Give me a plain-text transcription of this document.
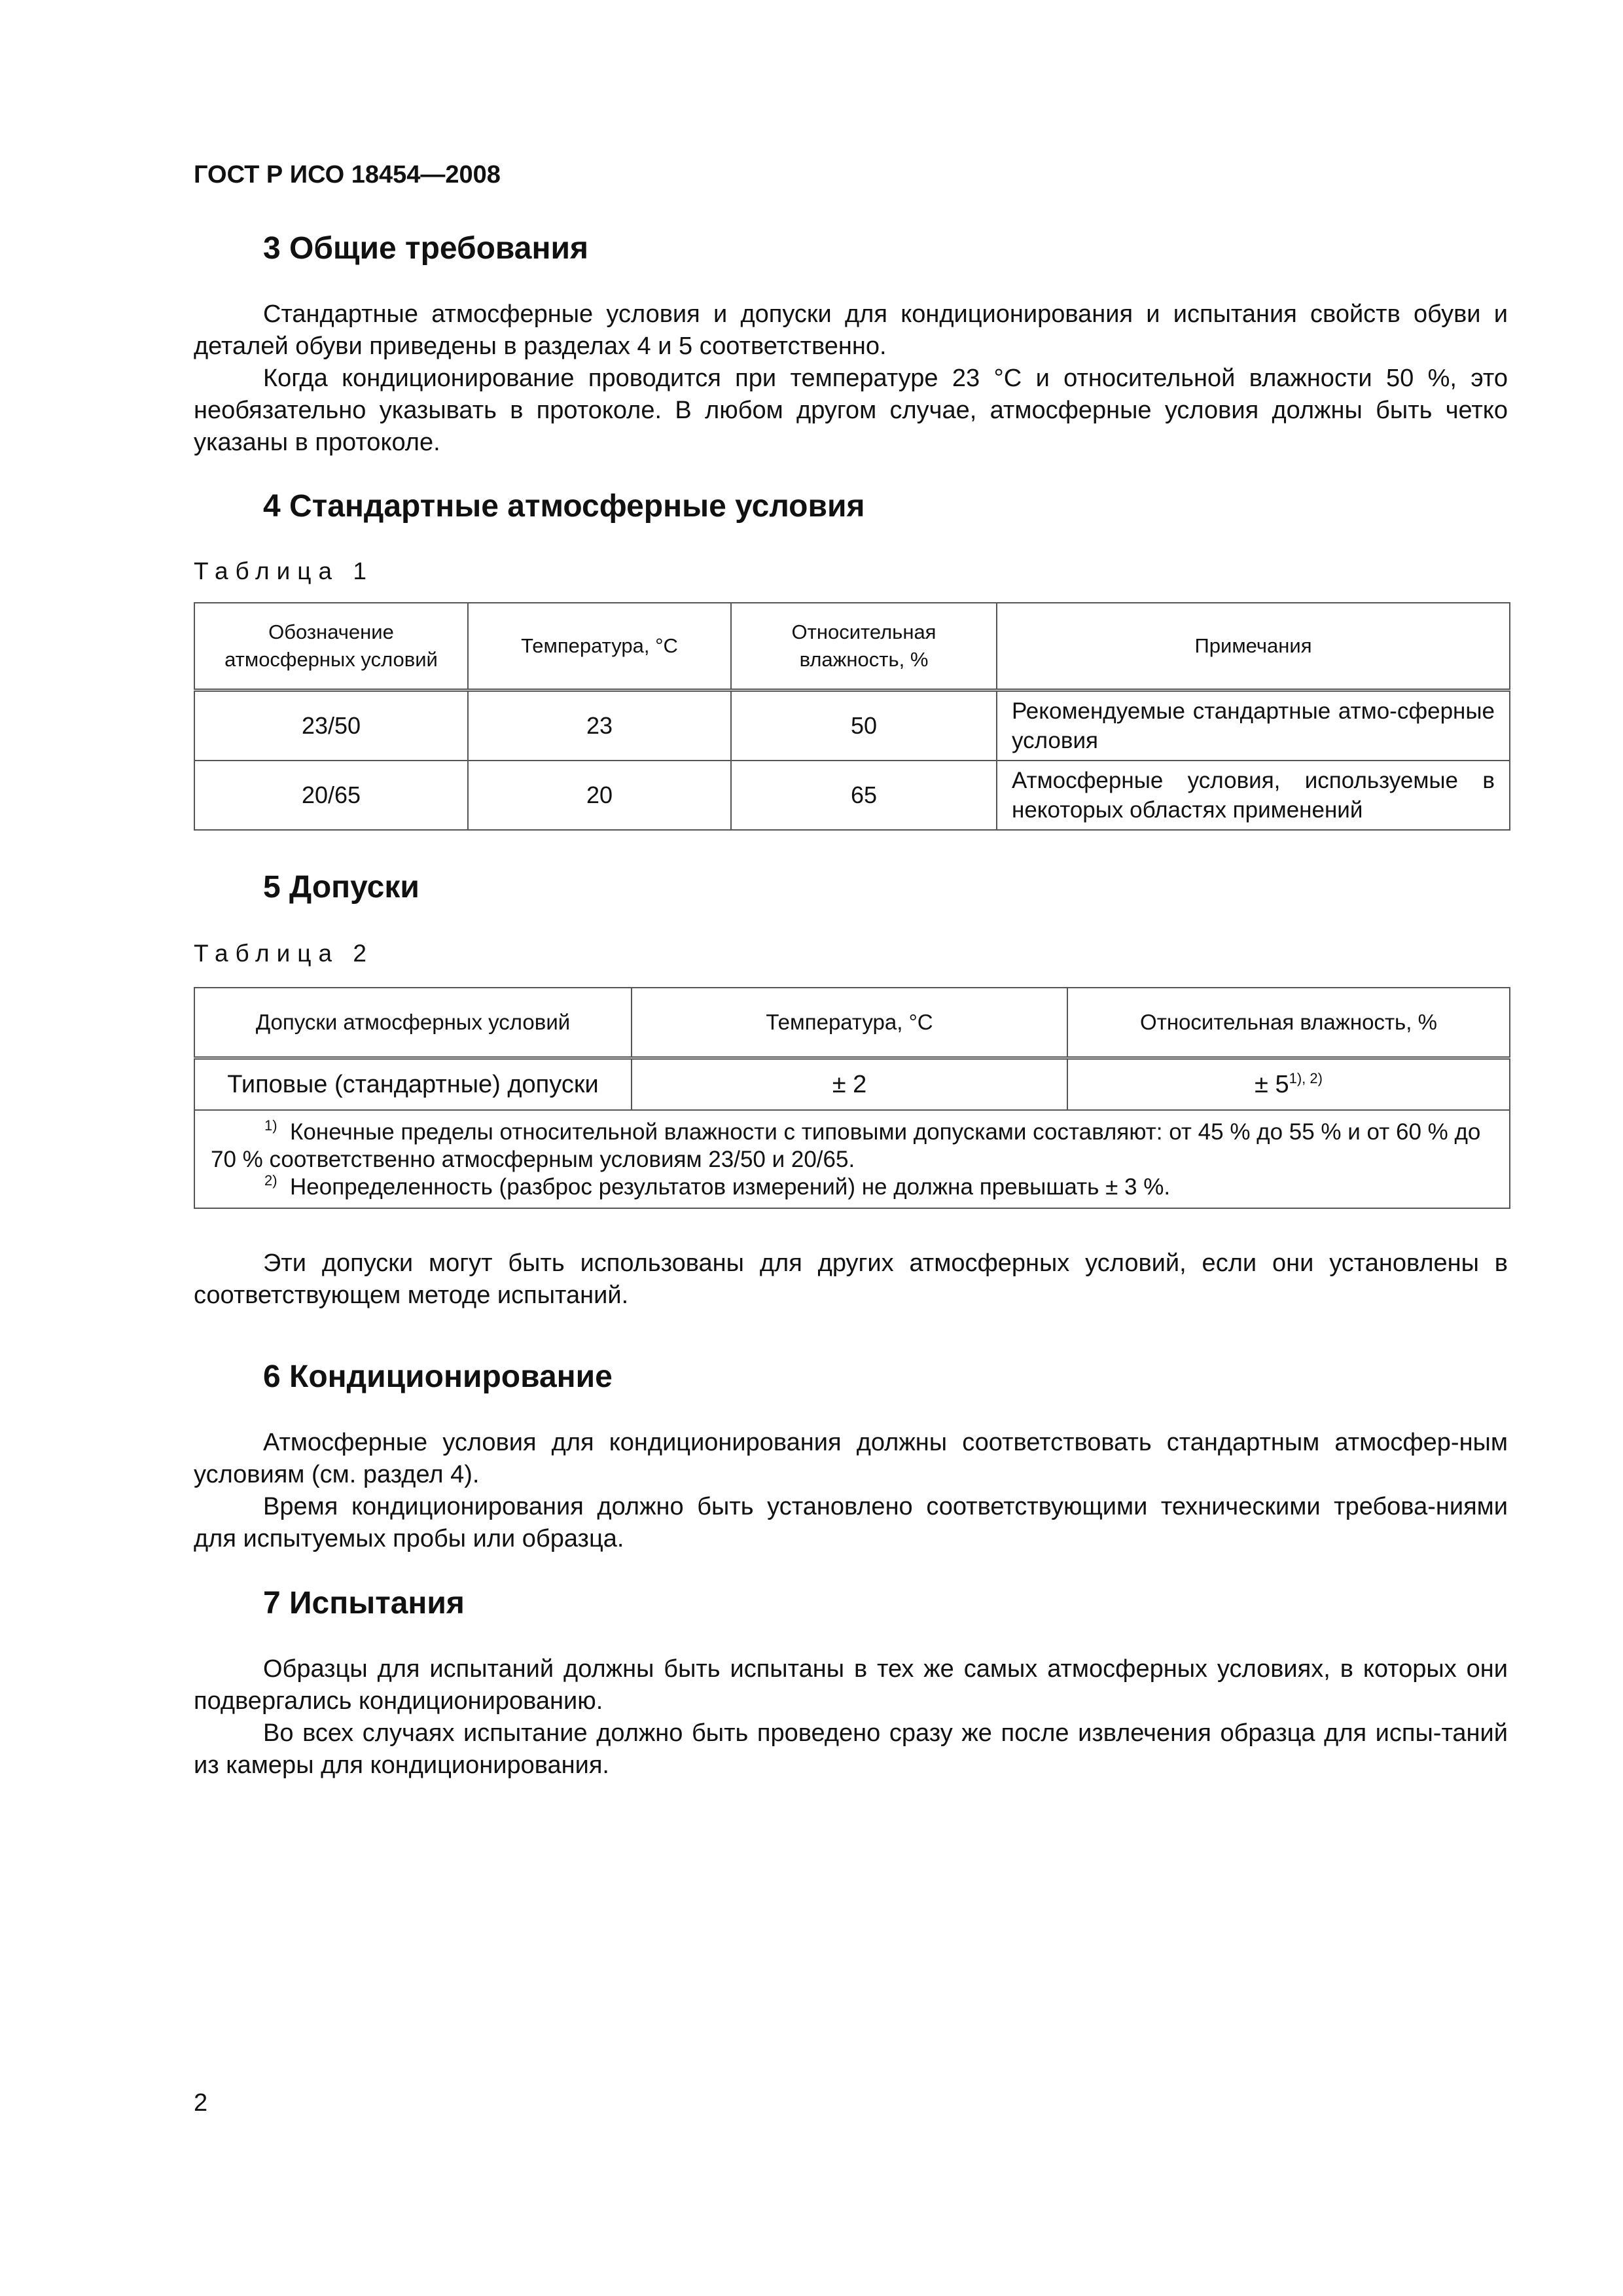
ГОСТ Р ИСО 18454—2008
3 Общие требования

Стандартные атмосферные условия и допуски для кондиционирования и испытания свойств обуви и деталей обуви приведены в разделах 4 и 5 соответственно.

Когда кондиционирование проводится при температуре 23 °С и относительной влажности 50 %, это необязательно указывать в протоколе. В любом другом случае, атмосферные условия должны быть четко указаны в протоколе.

4 Стандартные атмосферные условия
Таблица 1
Обозначение атмосферных условий	Температура, °С	Относительная влажность, %	Примечания
23/50	23	50	Рекомендуемые стандартные атмо-сферные условия
20/65	20	65	Атмосферные условия, используемые в некоторых областях применений
5 Допуски
Таблица 2
Допуски атмосферных условий	Температура, °С	Относительная влажность, %
Типовые (стандартные) допуски	± 2	± $5^{1), 2)}$

$^{1)}$ Конечные пределы относительной влажности с типовыми допусками составляют: от 45 % до 55 % и от 60 % до 70 % соответственно атмосферным условиям 23/50 и 20/65.
$^{2)}$ Неопределенность (разброс результатов измерений) не должна превышать ± 3 %.		

Эти допуски могут быть использованы для других атмосферных условий, если они установлены в соответствующем методе испытаний.

6 Кондиционирование

Атмосферные условия для кондиционирования должны соответствовать стандартным атмосфер-ным условиям (см. раздел 4).

Время кондиционирования должно быть установлено соответствующими техническими требова-ниями для испытуемых пробы или образца.

7 Испытания

Образцы для испытаний должны быть испытаны в тех же самых атмосферных условиях, в которых они подвергались кондиционированию.

Во всех случаях испытание должно быть проведено сразу же после извлечения образца для испы-таний из камеры для кондиционирования.

2
